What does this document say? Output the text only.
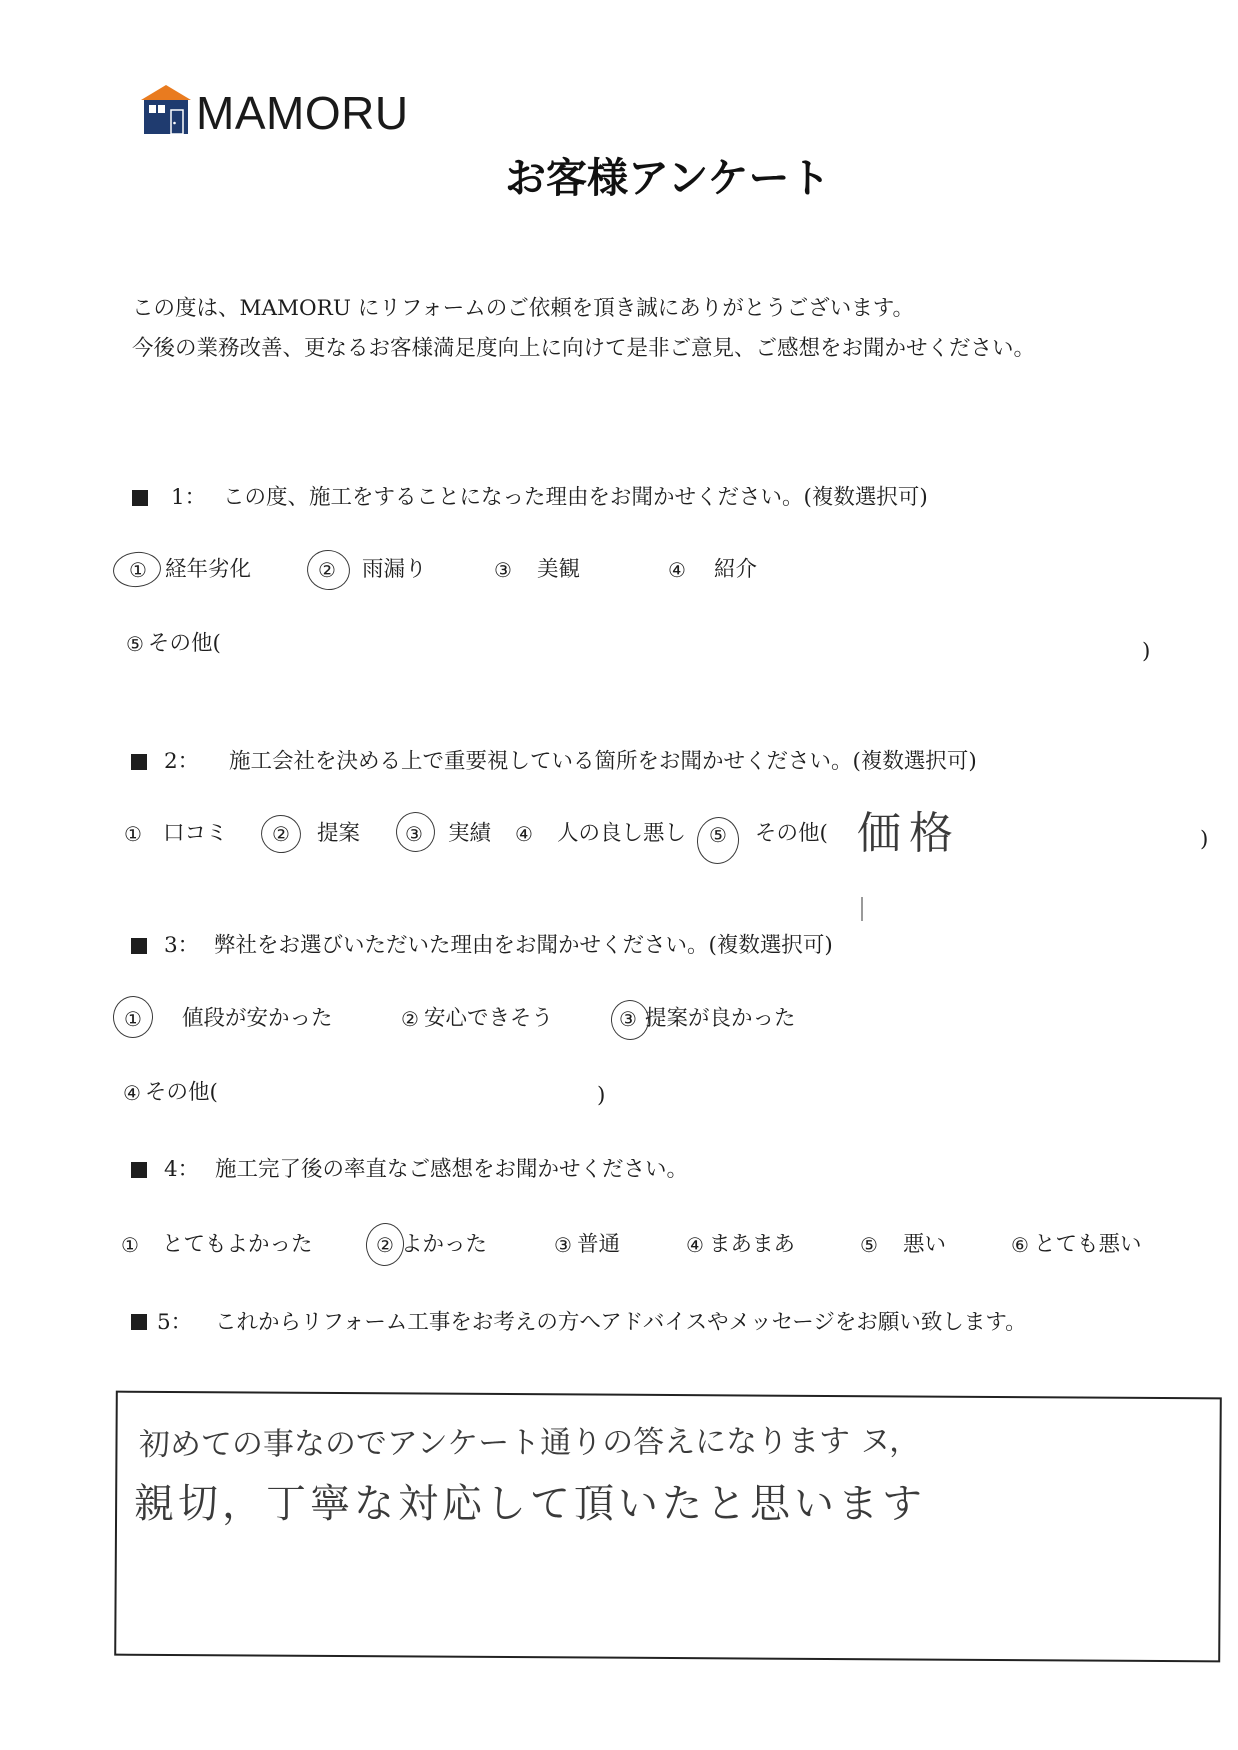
MAMORU
お客様アンケート
この度は、MAMORU にリフォームのご依頼を頂き誠にありがとうございます。
今後の業務改善、更なるお客様満足度向上に向けて是非ご意見、ご感想をお聞かせください。
1： この度、施工をすることになった理由をお聞かせください。(複数選択可)
① 経年劣化	② 雨漏り	③ 美観	④ 紹介
⑤ その他(	)
2： 施工会社を決める上で重要視している箇所をお聞かせください。(複数選択可)
① 口コミ ② 提案 ③ 実績 ④ 人の良し悪し ⑤ その他( 価格	)
3： 弊社をお選びいただいた理由をお聞かせください。(複数選択可)
① 値段が安かった	② 安心できそう	③ 提案が良かった
④ その他(	)
4： 施工完了後の率直なご感想をお聞かせください。
① とてもよかった	② よかった	③ 普通	④ まあまあ	⑤ 悪い	⑥ とても悪い
5： これからリフォーム工事をお考えの方へアドバイスやメッセージをお願い致します。
初めての事なのでアンケート通りの答えになります ヌ，
親切，丁寧な対応して頂いたと思います
